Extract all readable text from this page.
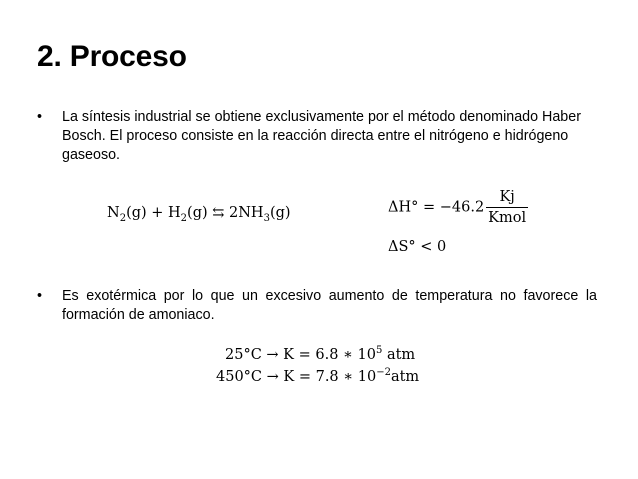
2. Proceso
• La síntesis industrial se obtiene exclusivamente por el método denominado Haber Bosch. El proceso consiste en la reacción directa entre el nitrógeno e hidrógeno gaseoso.
$N_2(g) + H_2(g)$ ⇆ $2NH_3(g)$	$\Delta H^\circ = -46.2 \frac{Kj}{\text{Kmol}}$
ΔS° < 0
• Es exotérmica por lo que un excesivo aumento de temperatura no favorece la formación de amoniaco.
25°C → K = 6.8 ∗ $10^5$ atm
450°C → K = 7.8 ∗ $10^{-2}atm$
